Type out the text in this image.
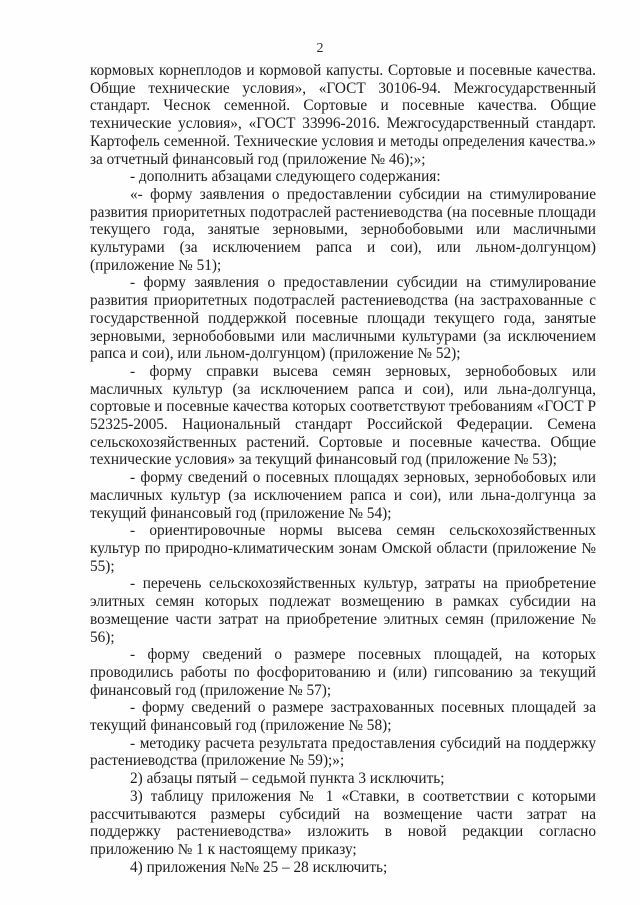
2

кормовых корнеплодов и кормовой капусты. Сортовые и посевные качества. Общие технические условия», «ГОСТ 30106-94. Межгосударственный стандарт. Чеснок семенной. Сортовые и посевные качества. Общие технические условия», «ГОСТ 33996-2016. Межгосударственный стандарт. Картофель семенной. Технические условия и методы определения качества.» за отчетный финансовый год (приложение № 46);»;

- дополнить абзацами следующего содержания:

«- форму заявления о предоставлении субсидии на стимулирование развития приоритетных подотраслей растениеводства (на посевные площади текущего года, занятые зерновыми, зернобобовыми или масличными культурами (за исключением рапса и сои), или льном-долгунцом) (приложение № 51);

- форму заявления о предоставлении субсидии на стимулирование развития приоритетных подотраслей растениеводства (на застрахованные с государственной поддержкой посевные площади текущего года, занятые зерновыми, зернобобовыми или масличными культурами (за исключением рапса и сои), или льном-долгунцом) (приложение № 52);

- форму справки высева семян зерновых, зернобобовых или масличных культур (за исключением рапса и сои), или льна-долгунца, сортовые и посевные качества которых соответствуют требованиям «ГОСТ Р 52325-2005. Национальный стандарт Российской Федерации. Семена сельскохозяйственных растений. Сортовые и посевные качества. Общие технические условия» за текущий финансовый год (приложение № 53);

- форму сведений о посевных площадях зерновых, зернобобовых или масличных культур (за исключением рапса и сои), или льна-долгунца за текущий финансовый год (приложение № 54);

- ориентировочные нормы высева семян сельскохозяйственных культур по природно-климатическим зонам Омской области (приложение № 55);

- перечень сельскохозяйственных культур, затраты на приобретение элитных семян которых подлежат возмещению в рамках субсидии на возмещение части затрат на приобретение элитных семян (приложение № 56);

- форму сведений о размере посевных площадей, на которых проводились работы по фосфоритованию и (или) гипсованию за текущий финансовый год (приложение № 57);

- форму сведений о размере застрахованных посевных площадей за текущий финансовый год (приложение № 58);

- методику расчета результата предоставления субсидий на поддержку растениеводства (приложение № 59);»;

2) абзацы пятый – седьмой пункта 3 исключить;

3) таблицу приложения № 1 «Ставки, в соответствии с которыми рассчитываются размеры субсидий на возмещение части затрат на поддержку растениеводства» изложить в новой редакции согласно приложению № 1 к настоящему приказу;

4) приложения №№ 25 – 28 исключить;
